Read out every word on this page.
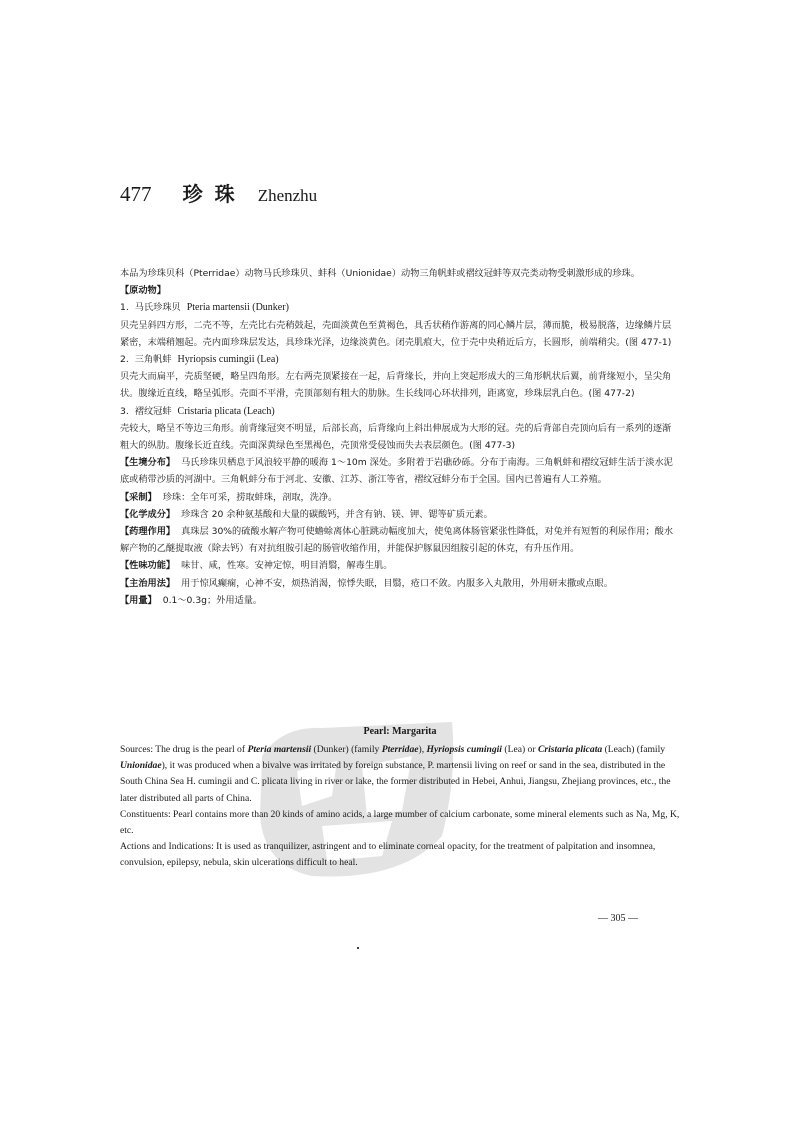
477 珍珠 Zhenzhu

本品为珍珠贝科（Pterridae）动物马氏珍珠贝、蚌科（Unionidae）动物三角帆蚌或褶纹冠蚌等双壳类动物受刺激形成的珍珠。

【原动物】

1. 马氏珍珠贝 Pteria martensii (Dunker)

贝壳呈斜四方形，二壳不等，左壳比右壳稍鼓起，壳面淡黄色至黄褐色，具舌状稍作游离的同心鳞片层，薄而脆，极易脱落，边缘鳞片层紧密，末端稍翘起。壳内面珍珠层发达，具珍珠光泽，边缘淡黄色。闭壳肌痕大，位于壳中央稍近后方，长圆形，前端稍尖。(图 477-1)

2. 三角帆蚌 Hyriopsis cumingii (Lea)

贝壳大而扁平，壳质坚硬，略呈四角形。左右两壳顶紧接在一起，后背缘长，并向上突起形成大的三角形帆状后翼，前背缘短小，呈尖角状。腹缘近直线，略呈弧形。壳面不平滑，壳顶部刻有粗大的肋脉。生长线同心环状排列，距离宽，珍珠层乳白色。(图 477-2)

3. 褶纹冠蚌 Cristaria plicata (Leach)

壳较大，略呈不等边三角形。前背缘冠突不明显，后部长高，后背缘向上斜出伸展成为大形的冠。壳的后背部自壳顶向后有一系列的逐渐粗大的纵肋。腹缘长近直线。壳面深黄绿色至黑褐色，壳顶常受侵蚀而失去表层颜色。(图 477-3)

【生境分布】 马氏珍珠贝栖息于风浪较平静的暖海 1～10m 深处。多附着于岩礁砂砾。分布于南海。三角帆蚌和褶纹冠蚌生活于淡水泥底或稍带沙质的河湖中。三角帆蚌分布于河北、安徽、江苏、浙江等省，褶纹冠蚌分布于全国。国内已普遍有人工养殖。

【采制】 珍珠：全年可采，捞取蚌珠，剖取，洗净。

【化学成分】 珍珠含 20 余种氨基酸和大量的碳酸钙，并含有钠、镁、钾、锶等矿质元素。

【药理作用】 真珠层 30%的硫酸水解产物可使蟾蜍离体心脏跳动幅度加大，使兔离体肠管紧张性降低，对兔并有短暂的利尿作用；酸水解产物的乙醚提取液（除去钙）有对抗组胺引起的肠管收缩作用，并能保护豚鼠因组胺引起的休克，有升压作用。

【性味功能】 味甘、咸，性寒。安神定惊，明目消翳，解毒生肌。

【主治用法】 用于惊风癫痫，心神不安，烦热消渴，惊悸失眠，目翳，疮口不敛。内服多入丸散用，外用研末撒或点眼。

【用量】 0.1～0.3g；外用适量。

Pearl: Margarita

Sources: The drug is the pearl of Pteria martensii (Dunker) (family Pterridae), Hyriopsis cumingii (Lea) or Cristaria plicata (Leach) (family Unionidae), it was produced when a bivalve was irritated by foreign substance, P. martensii living on reef or sand in the sea, distributed in the South China Sea H. cumingii and C. plicata living in river or lake, the former distributed in Hebei, Anhui, Jiangsu, Zhejiang provinces, etc., the later distributed all parts of China.

Constituents: Pearl contains more than 20 kinds of amino acids, a large mumber of calcium carbonate, some mineral elements such as Na, Mg, K, etc.

Actions and Indications: It is used as tranquilizer, astringent and to eliminate corneal opacity, for the treatment of palpitation and insomnea, convulsion, epilepsy, nebula, skin ulcerations difficult to heal.

— 305 —
